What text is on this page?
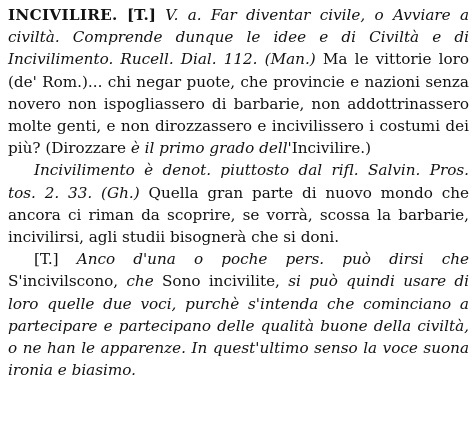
INCIVILIRE. [T.] V. a. Far diventar civile, o Avviare a civiltà. Comprende dunque le idee e di Civiltà e di Incivilimento. Rucell. Dial. 112. (Man.) Ma le vittorie loro (de' Rom.)... chi negar puote, che provincie e nazioni senza novero non ispogliassero di barbarie, non addottrinassero molte genti, e non dirozzassero e incivilissero i costumi dei più? (Dirozzare è il primo grado dell'Incivilire.)

Incivilimento è denot. piuttosto dal rifl. Salvin. Pros. tos. 2. 33. (Gh.) Quella gran parte di nuovo mondo che ancora ci riman da scoprire, se vorrà, scossa la barbarie, incivilirsi, agli studii bisognerà che si doni.

[T.] Anco d'una o poche pers. può dirsi che S'incivilscono, che Sono incivilite, si può quindi usare di loro quelle due voci, purchè s'intenda che cominciano a partecipare e partecipano delle qualità buone della civiltà, o ne han le apparenze. In quest'ultimo senso la voce suona ironia e biasimo.
